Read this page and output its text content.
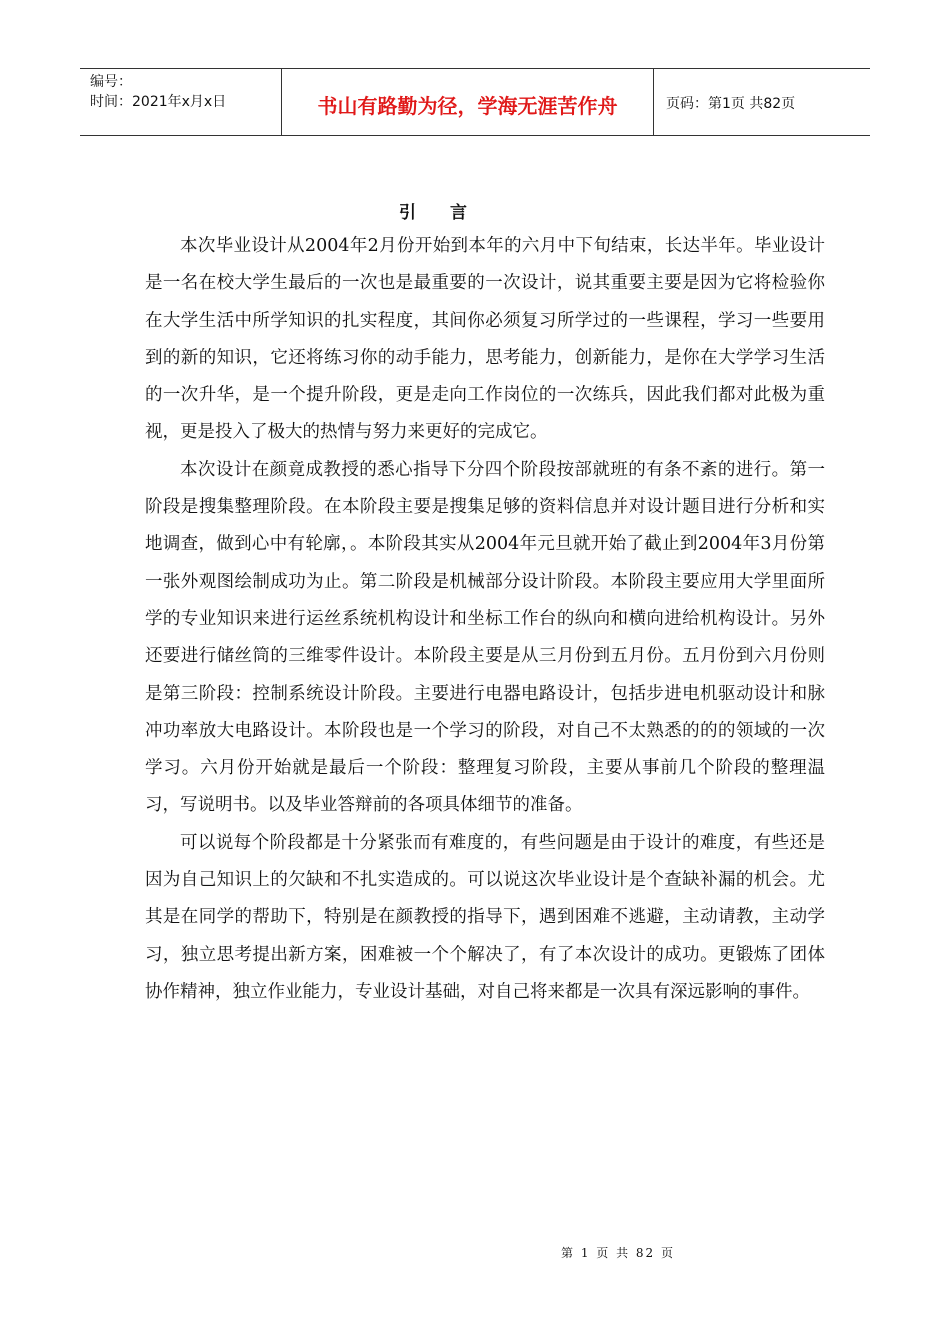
编号：
时间：2021年x月x日	书山有路勤为径，学海无涯苦作舟	页码：第1页 共82页
引 言

本次毕业设计从2004年2月份开始到本年的六月中下旬结束，长达半年。毕业设计是一名在校大学生最后的一次也是最重要的一次设计，说其重要主要是因为它将检验你在大学生活中所学知识的扎实程度，其间你必须复习所学过的一些课程，学习一些要用到的新的知识，它还将练习你的动手能力，思考能力，创新能力，是你在大学学习生活的一次升华，是一个提升阶段，更是走向工作岗位的一次练兵，因此我们都对此极为重视，更是投入了极大的热情与努力来更好的完成它。

本次设计在颜竟成教授的悉心指导下分四个阶段按部就班的有条不紊的进行。第一阶段是搜集整理阶段。在本阶段主要是搜集足够的资料信息并对设计题目进行分析和实地调查，做到心中有轮廓，。本阶段其实从2004年元旦就开始了截止到2004年3月份第一张外观图绘制成功为止。第二阶段是机械部分设计阶段。本阶段主要应用大学里面所学的专业知识来进行运丝系统机构设计和坐标工作台的纵向和横向进给机构设计。另外还要进行储丝筒的三维零件设计。本阶段主要是从三月份到五月份。五月份到六月份则是第三阶段：控制系统设计阶段。主要进行电器电路设计，包括步进电机驱动设计和脉冲功率放大电路设计。本阶段也是一个学习的阶段，对自己不太熟悉的的的领域的一次学习。六月份开始就是最后一个阶段：整理复习阶段，主要从事前几个阶段的整理温习，写说明书。以及毕业答辩前的各项具体细节的准备。

可以说每个阶段都是十分紧张而有难度的，有些问题是由于设计的难度，有些还是因为自己知识上的欠缺和不扎实造成的。可以说这次毕业设计是个查缺补漏的机会。尤其是在同学的帮助下，特别是在颜教授的指导下，遇到困难不逃避，主动请教，主动学习，独立思考提出新方案，困难被一个个解决了，有了本次设计的成功。更锻炼了团体协作精神，独立作业能力，专业设计基础，对自己将来都是一次具有深远影响的事件。

第 1 页 共 82 页
